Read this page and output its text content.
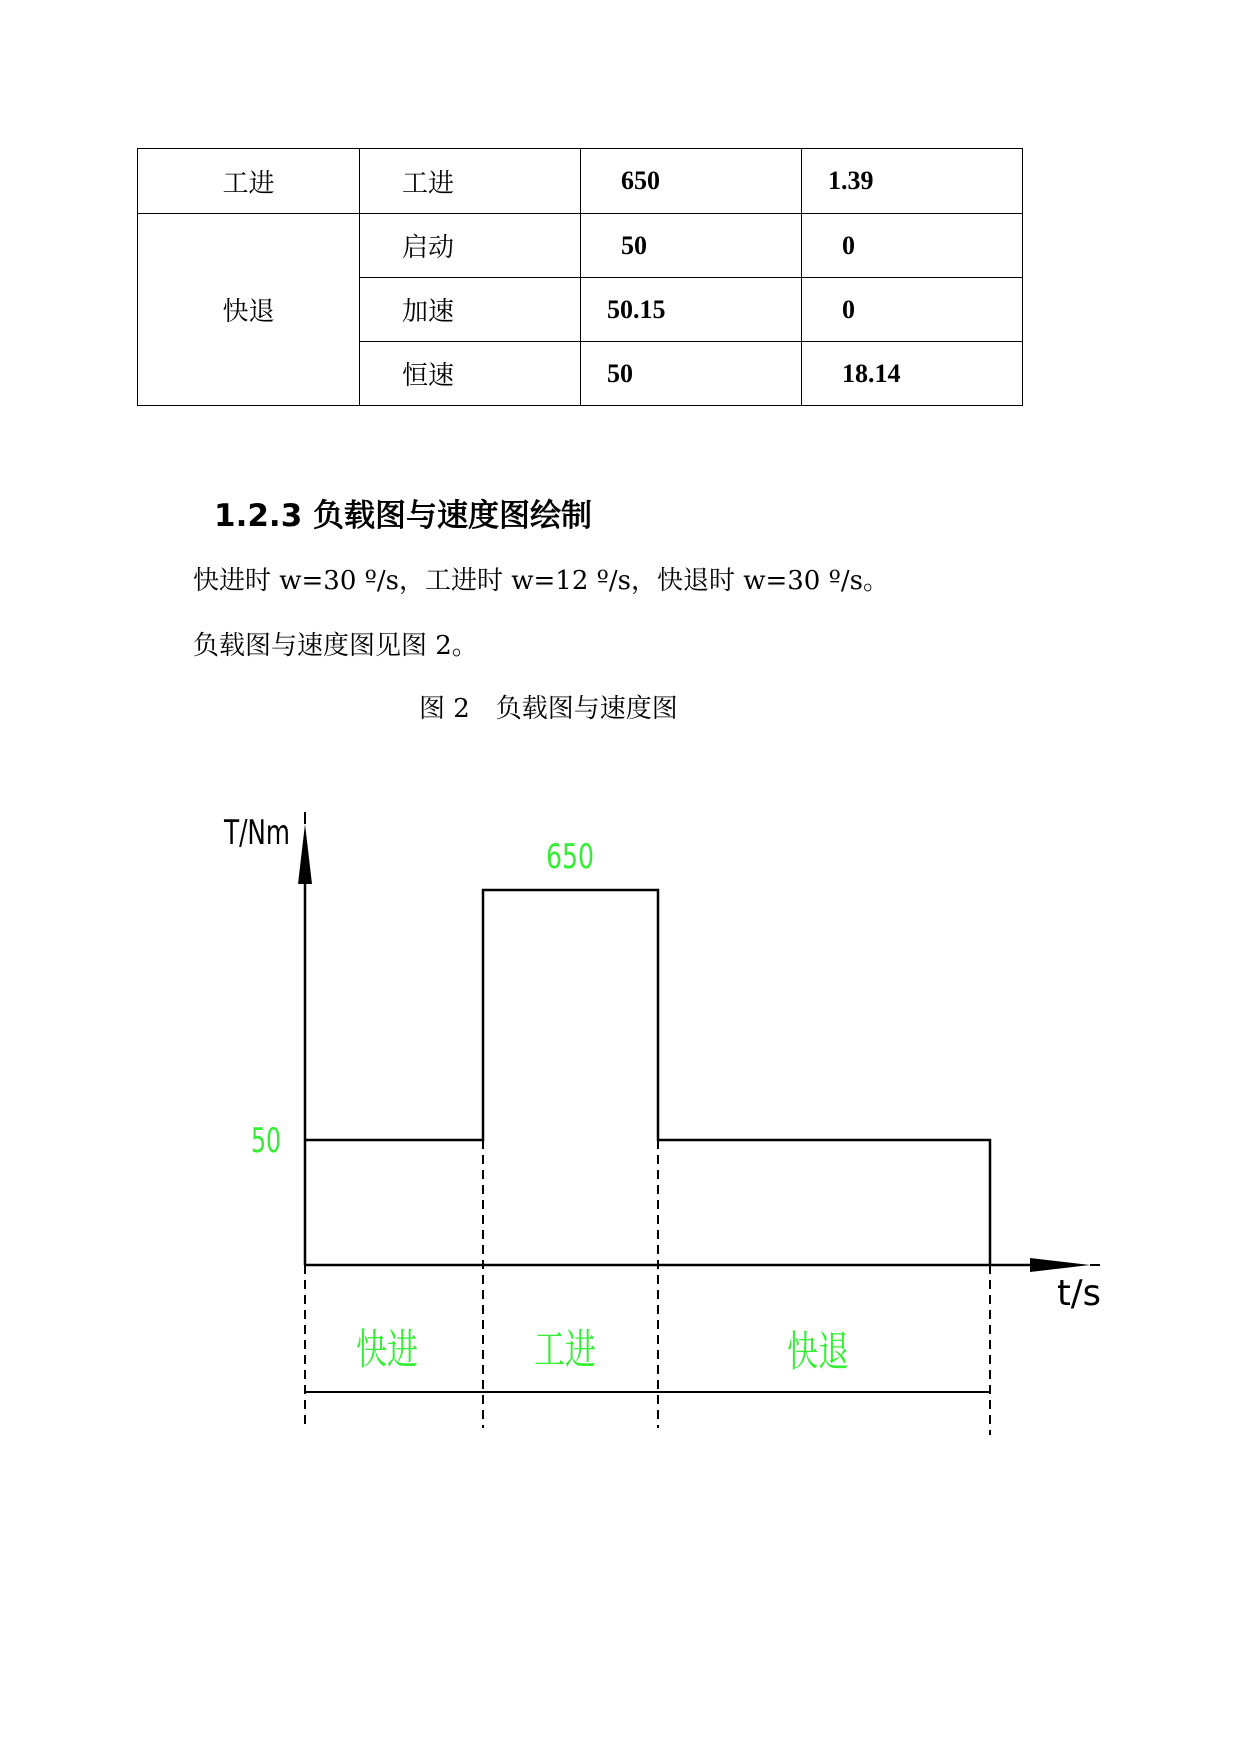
工进	工进	650	1.39
快退	启动	50	0
	加速	50.15	0
	恒速	50	18.14
1.2.3 负载图与速度图绘制

快进时 w=30 º/s，工进时 w=12 º/s，快退时 w=30 º/s。

负载图与速度图见图 2。

图 2　负载图与速度图

T/Nm
t/s
650
50
快进	工进	快退
